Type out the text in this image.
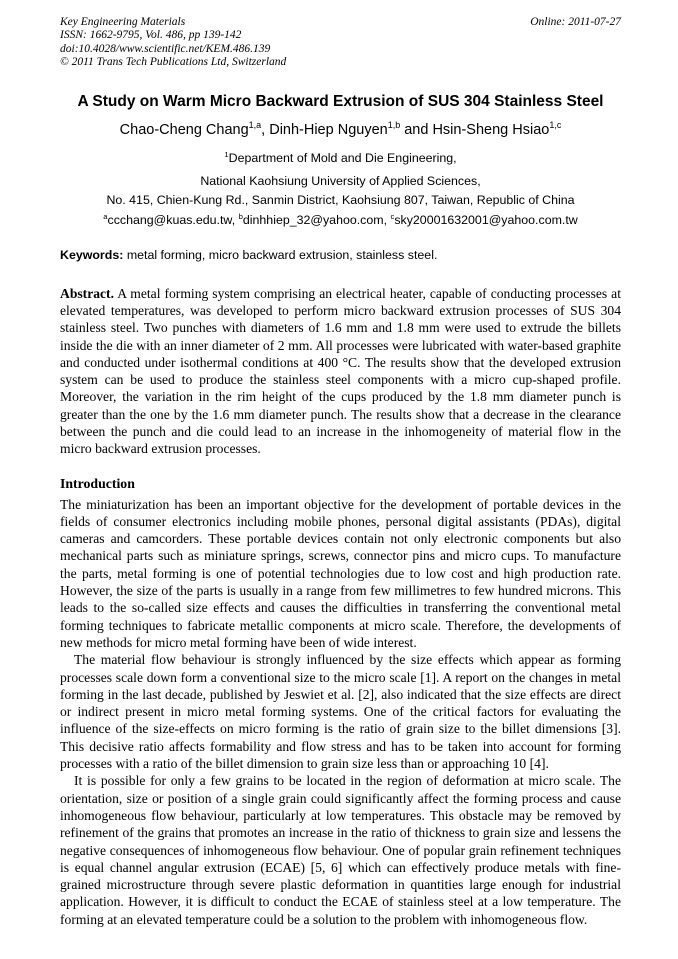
Key Engineering Materials
ISSN: 1662-9795, Vol. 486, pp 139-142
doi:10.4028/www.scientific.net/KEM.486.139
© 2011 Trans Tech Publications Ltd, Switzerland
Online: 2011-07-27
A Study on Warm Micro Backward Extrusion of SUS 304 Stainless Steel
Chao-Cheng Chang$^{1,a}$, Dinh-Hiep Nguyen$^{1,b}$ and Hsin-Sheng Hsiao$^{1,c}$
$^1$Department of Mold and Die Engineering,
National Kaohsiung University of Applied Sciences,
No. 415, Chien-Kung Rd., Sanmin District, Kaohsiung 807, Taiwan, Republic of China
$^a$ccchang@kuas.edu.tw, $^b$dinhhiep_32@yahoo.com, $^c$sky20001632001@yahoo.com.tw

Keywords: metal forming, micro backward extrusion, stainless steel.

Abstract. A metal forming system comprising an electrical heater, capable of conducting processes at elevated temperatures, was developed to perform micro backward extrusion processes of SUS 304 stainless steel. Two punches with diameters of 1.6 mm and 1.8 mm were used to extrude the billets inside the die with an inner diameter of 2 mm. All processes were lubricated with water-based graphite and conducted under isothermal conditions at 400 °C. The results show that the developed extrusion system can be used to produce the stainless steel components with a micro cup-shaped profile. Moreover, the variation in the rim height of the cups produced by the 1.8 mm diameter punch is greater than the one by the 1.6 mm diameter punch. The results show that a decrease in the clearance between the punch and die could lead to an increase in the inhomogeneity of material flow in the micro backward extrusion processes.

Introduction

The miniaturization has been an important objective for the development of portable devices in the fields of consumer electronics including mobile phones, personal digital assistants (PDAs), digital cameras and camcorders. These portable devices contain not only electronic components but also mechanical parts such as miniature springs, screws, connector pins and micro cups. To manufacture the parts, metal forming is one of potential technologies due to low cost and high production rate. However, the size of the parts is usually in a range from few millimetres to few hundred microns. This leads to the so-called size effects and causes the difficulties in transferring the conventional metal forming techniques to fabricate metallic components at micro scale. Therefore, the developments of new methods for micro metal forming have been of wide interest.

The material flow behaviour is strongly influenced by the size effects which appear as forming processes scale down form a conventional size to the micro scale [1]. A report on the changes in metal forming in the last decade, published by Jeswiet et al. [2], also indicated that the size effects are direct or indirect present in micro metal forming systems. One of the critical factors for evaluating the influence of the size-effects on micro forming is the ratio of grain size to the billet dimensions [3]. This decisive ratio affects formability and flow stress and has to be taken into account for forming processes with a ratio of the billet dimension to grain size less than or approaching 10 [4].

It is possible for only a few grains to be located in the region of deformation at micro scale. The orientation, size or position of a single grain could significantly affect the forming process and cause inhomogeneous flow behaviour, particularly at low temperatures. This obstacle may be removed by refinement of the grains that promotes an increase in the ratio of thickness to grain size and lessens the negative consequences of inhomogeneous flow behaviour. One of popular grain refinement techniques is equal channel angular extrusion (ECAE) [5, 6] which can effectively produce metals with fine-grained microstructure through severe plastic deformation in quantities large enough for industrial application. However, it is difficult to conduct the ECAE of stainless steel at a low temperature. The forming at an elevated temperature could be a solution to the problem with inhomogeneous flow.
